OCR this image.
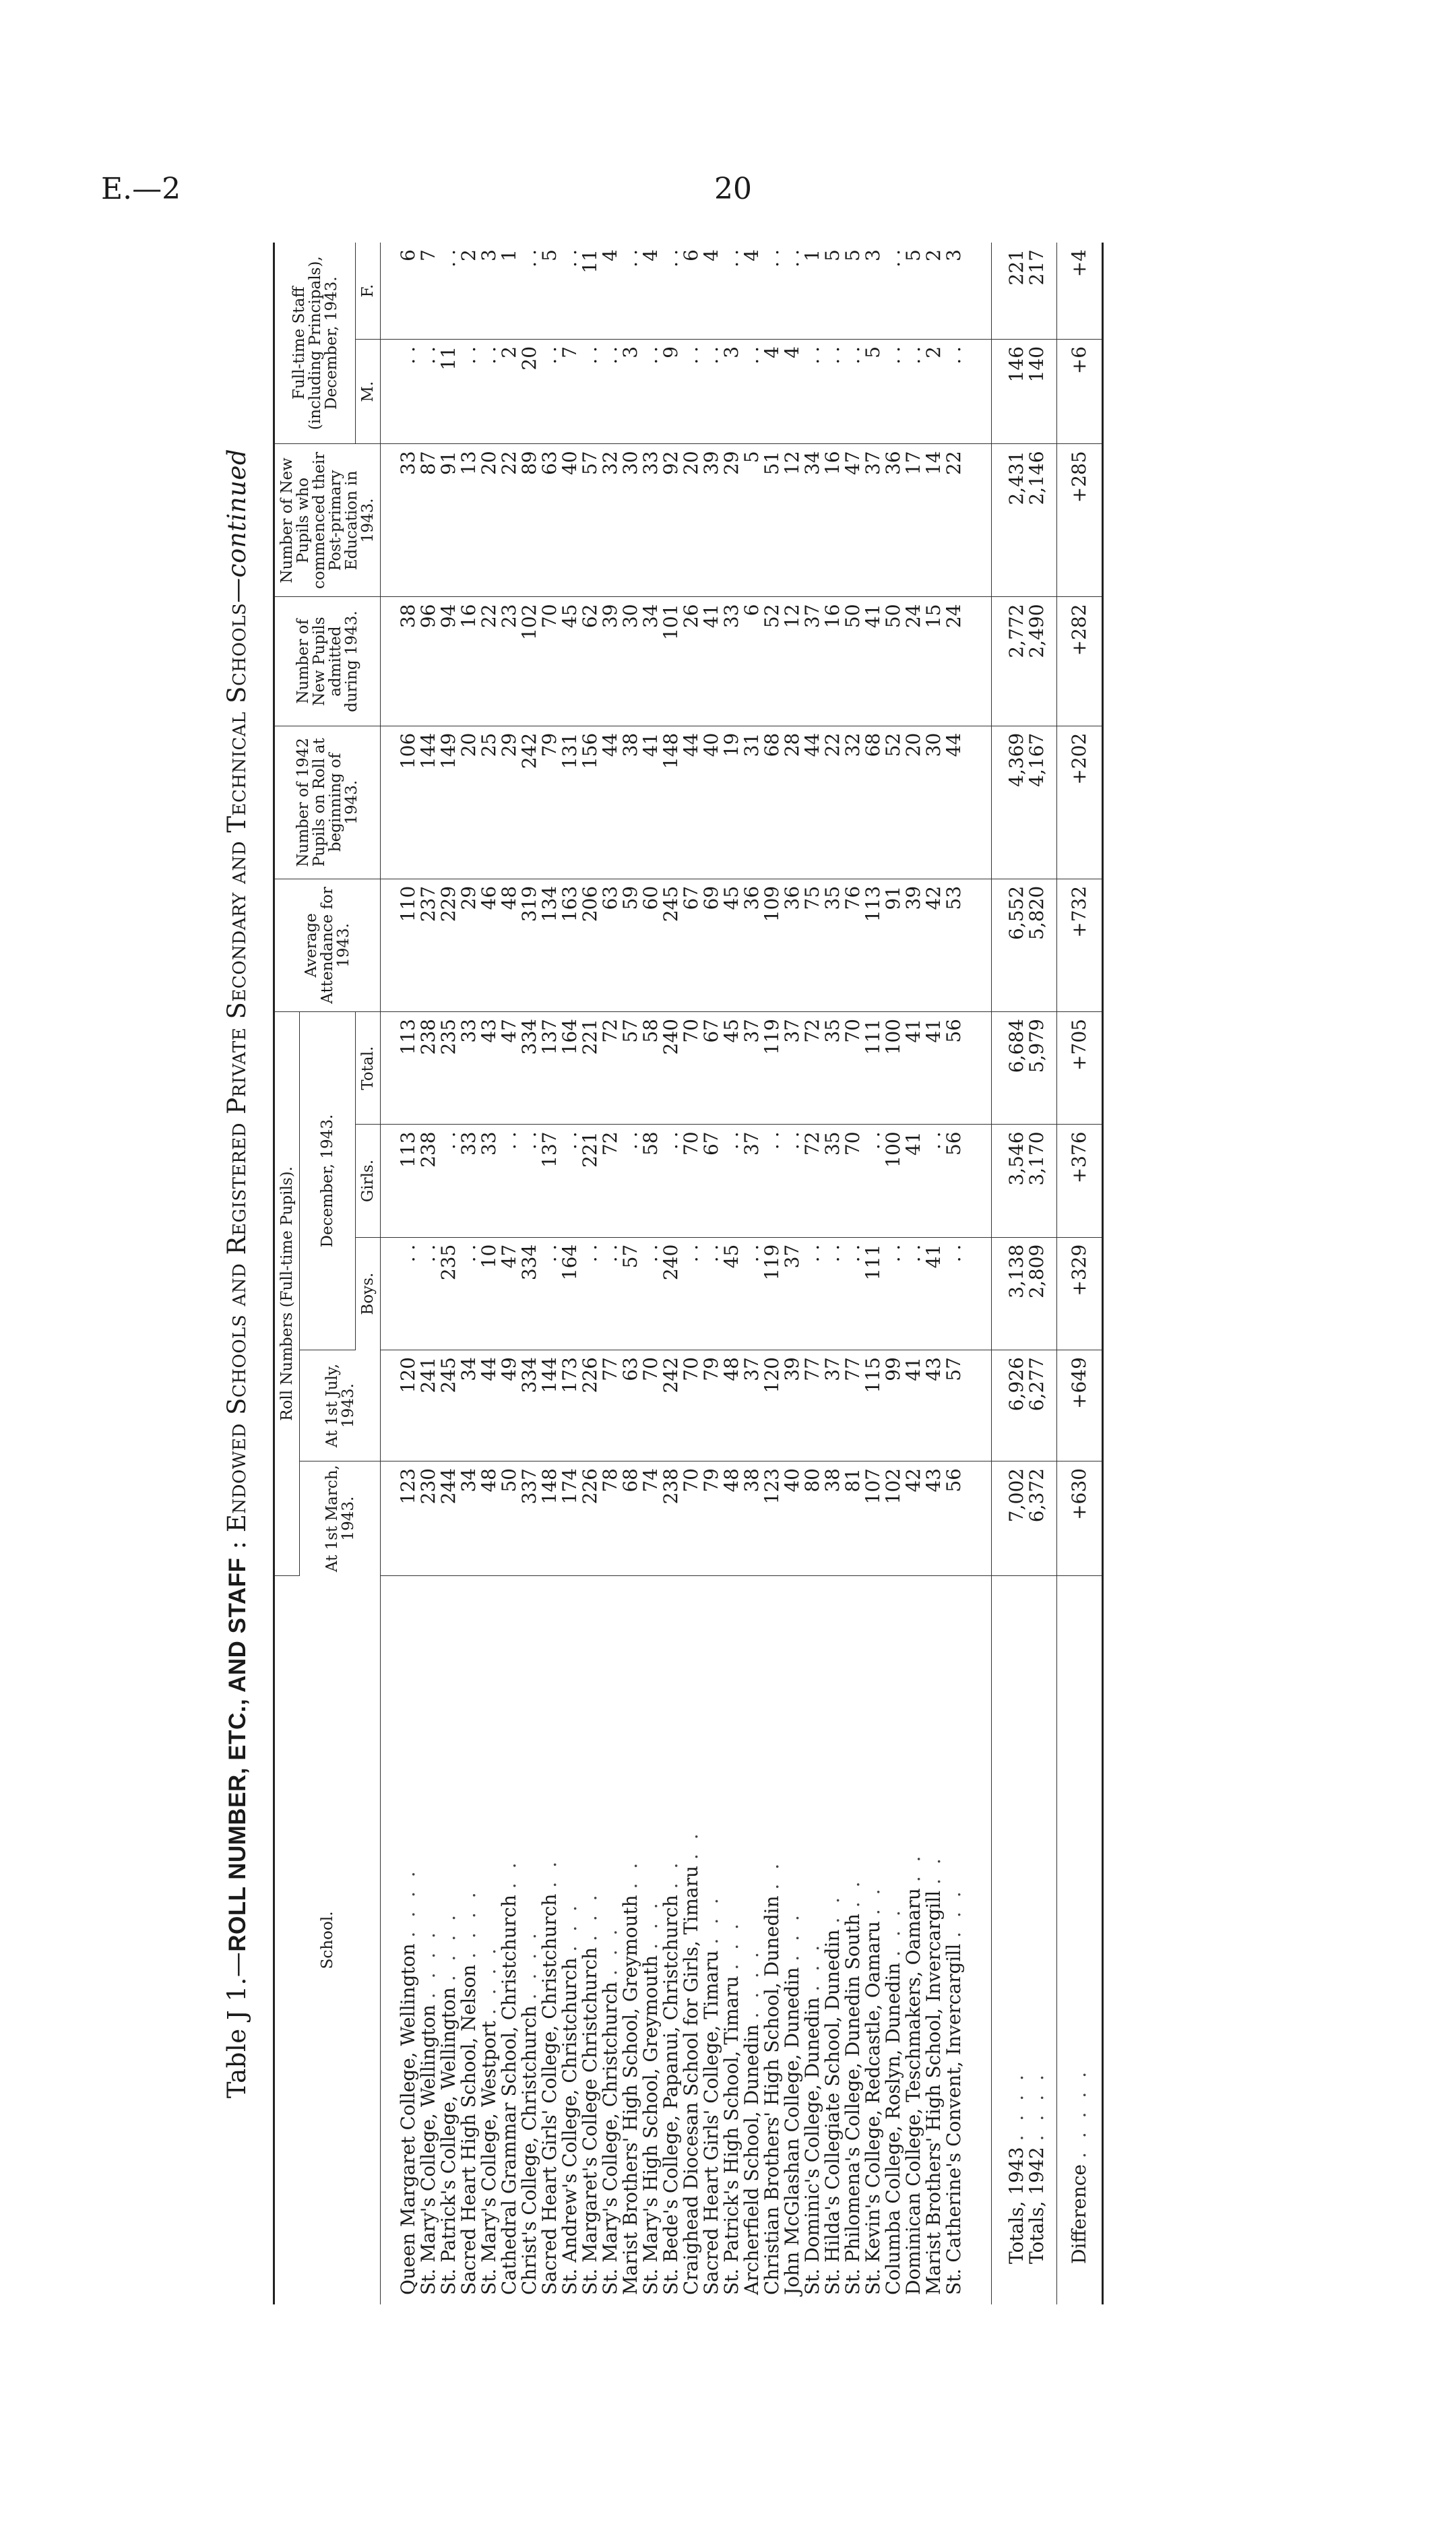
E.—2	20
Table J 1.—ROLL NUMBER, ETC., AND STAFF : Endowed Schools and Registered Private Secondary and Technical Schools—continued
School.	Roll Numbers (Full-time Pupils).					Average Attendance for 1943.	Number of 1942 Pupils on Roll at beginning of 1943.	Number of New Pupils admitted during 1943.	Number of New Pupils who commenced their Post-primary Education in 1943.	Full-time Staff (including Principals), December, 1943.	
	At 1st March, 1943.	At 1st July, 1943.	December, 1943.								
			Boys.	Girls.	Total.					M.	F.
Queen Margaret College, Wellington . . . .	123	120	. .	113	113	110	106	38	33	. .	6
St. Mary's College, Wellington . . . .	230	241	. .	238	238	237	144	96	87	. .	7
St. Patrick's College, Wellington . . . .	244	245	235	. .	235	229	149	94	91	11	. .
Sacred Heart High School, Nelson . . . .	34	34	. .	33	33	29	20	16	13	. .	2
St. Mary's College, Westport . . . .	48	44	10	33	43	46	25	22	20	. .	3
Cathedral Grammar School, Christchurch . .	50	49	47	. .	47	48	29	23	22	2	1
Christ's College, Christchurch . . . .	337	334	334	. .	334	319	242	102	89	20	. .
Sacred Heart Girls' College, Christchurch . .	148	144	. .	137	137	134	79	70	63	. .	5
St. Andrew's College, Christchurch . . .	174	173	164	. .	164	163	131	45	40	7	. .
St. Margaret's College Christchurch . . .	226	226	. .	221	221	206	156	62	57	. .	11
St. Mary's College, Christchurch . . .	78	77	. .	72	72	63	44	39	32	. .	4
Marist Brothers' High School, Greymouth . .	68	63	57	. .	57	59	38	30	30	3	. .
St. Mary's High School, Greymouth . . .	74	70	. .	58	58	60	41	34	33	. .	4
St. Bede's College, Papanui, Christchurch . .	238	242	240	. .	240	245	148	101	92	9	. .
Craighead Diocesan School for Girls, Timaru . .	70	70	. .	70	70	67	44	26	20	. .	6
Sacred Heart Girls' College, Timaru . . .	79	79	. .	67	67	69	40	41	39	. .	4
St. Patrick's High School, Timaru . . .	48	48	45	. .	45	45	19	33	29	3	. .
Archerfield School, Dunedin . . . .	38	37	. .	37	37	36	31	6	5	. .	4
Christian Brothers' High School, Dunedin . .	123	120	119	. .	119	109	68	52	51	4	. .
John McGlashan College, Dunedin . . .	40	39	37	. .	37	36	28	12	12	4	. .
St. Dominic's College, Dunedin . . .	80	77	. .	72	72	75	44	37	34	. .	1
St. Hilda's Collegiate School, Dunedin . .	38	37	. .	35	35	35	22	16	16	. .	5
St. Philomena's College, Dunedin South . .	81	77	. .	70	70	76	32	50	47	. .	5
St. Kevin's College, Redcastle, Oamaru . .	107	115	111	. .	111	113	68	41	37	5	3
Columba College, Roslyn, Dunedin . . .	102	99	. .	100	100	91	52	50	36	. .	. .
Dominican College, Teschmakers, Oamaru . .	42	41	. .	41	41	39	20	24	17	. .	5
Marist Brothers' High School, Invercargill . .	43	43	41	. .	41	42	30	15	14	2	2
St. Catherine's Convent, Invercargill . . .	56	57	. .	56	56	53	44	24	22	. .	3
Totals, 1943 . . . .	7,002	6,926	3,138	3,546	6,684	6,552	4,369	2,772	2,431	146	221
Totals, 1942 . . . .	6,372	6,277	2,809	3,170	5,979	5,820	4,167	2,490	2,146	140	217
Difference . . . . .	+630	+649	+329	+376	+705	+732	+202	+282	+285	+6	+4
